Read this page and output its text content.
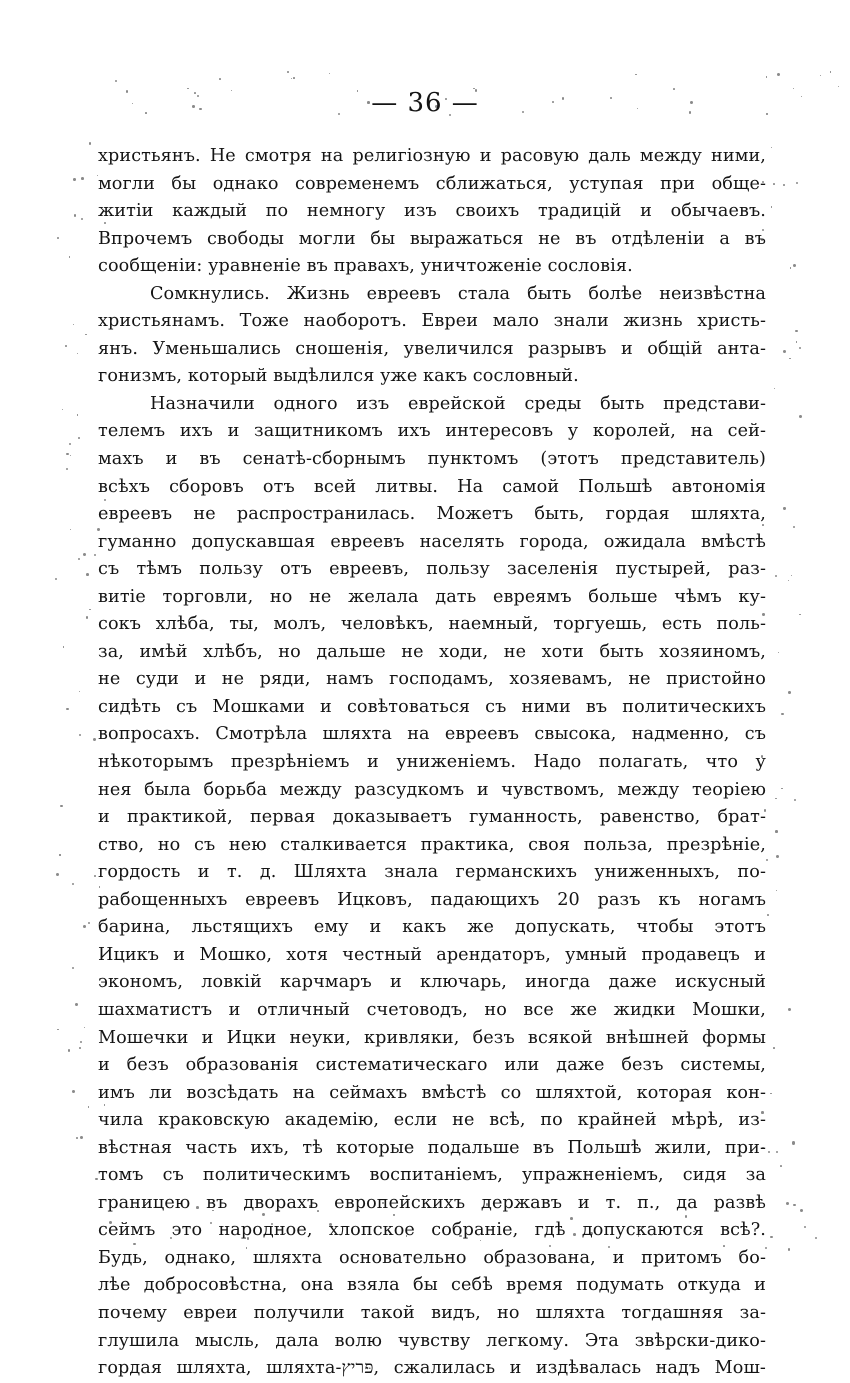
— 36 —
христьянъ. Не смотря на религіозную и расовую даль между ними,
могли бы однако современемъ сближаться, уступая при обще-
житіи каждый по немногу изъ своихъ традицій и обычаевъ.
Впрочемъ свободы могли бы выражаться не въ отдѣленіи а въ
сообщеніи: уравненіе въ правахъ, уничтоженіе сословія.
Сомкнулись. Жизнь евреевъ стала быть болѣе неизвѣстна
христьянамъ. Тоже наоборотъ. Евреи мало знали жизнь христь-
янъ. Уменьшались сношенія, увеличился разрывъ и общій анта-
гонизмъ, который выдѣлился уже какъ сословный.
Назначили одного изъ еврейской среды быть представи-
телемъ ихъ и защитникомъ ихъ интересовъ у королей, на сей-
махъ и въ сенатѣ-сборнымъ пунктомъ (этотъ представитель)
всѣхъ сборовъ отъ всей литвы. На самой Польшѣ автономія
евреевъ не распространилась. Можетъ быть, гордая шляхта,
гуманно допускавшая евреевъ населять города, ожидала вмѣстѣ
съ тѣмъ пользу отъ евреевъ, пользу заселенія пустырей, раз-
витіе торговли, но не желала дать евреямъ больше чѣмъ ку-
сокъ хлѣба, ты, молъ, человѣкъ, наемный, торгуешь, есть поль-
за, имѣй хлѣбъ, но дальше не ходи, не хоти быть хозяиномъ,
не суди и не ряди, намъ господамъ, хозяевамъ, не пристойно
сидѣть съ Мошками и совѣтоваться съ ними въ политическихъ
вопросахъ. Смотрѣла шляхта на евреевъ свысока, надменно, съ
нѣкоторымъ презрѣніемъ и униженіемъ. Надо полагать, что у
нея была борьба между разсудкомъ и чувствомъ, между теоріею
и практикой, первая доказываетъ гуманность, равенство, брат-
ство, но съ нею сталкивается практика, своя польза, презрѣніе,
гордость и т. д. Шляхта знала германскихъ униженныхъ, по-
рабощенныхъ евреевъ Ицковъ, падающихъ 20 разъ къ ногамъ
барина, льстящихъ ему и какъ же допускать, чтобы этотъ
Ицикъ и Мошко, хотя честный арендаторъ, умный продавецъ и
экономъ, ловкій карчмаръ и ключарь, иногда даже искусный
шахматистъ и отличный счетоводъ, но все же жидки Мошки,
Мошечки и Ицки неуки, кривляки, безъ всякой внѣшней формы
и безъ образованія систематическаго или даже безъ системы,
имъ ли возсѣдать на сеймахъ вмѣстѣ со шляхтой, которая кон-
чила краковскую академію, если не всѣ, по крайней мѣрѣ, из-
вѣстная часть ихъ, тѣ которые подальше въ Польшѣ жили, при-
томъ съ политическимъ воспитаніемъ, упражненіемъ, сидя за
границею въ дворахъ европейскихъ державъ и т. п., да развѣ
сеймъ это народное, хлопское собраніе, гдѣ допускаются всѣ?.
Будь, однако, шляхта основательно образована, и притомъ бо-
лѣе добросовѣстна, она взяла бы себѣ время подумать откуда и
почему евреи получили такой видъ, но шляхта тогдашняя за-
глушила мысль, дала волю чувству легкому. Эта звѣрски-дико-
гордая шляхта, шляхта-פּריץ, сжалилась и издѣвалась надъ Мош-
